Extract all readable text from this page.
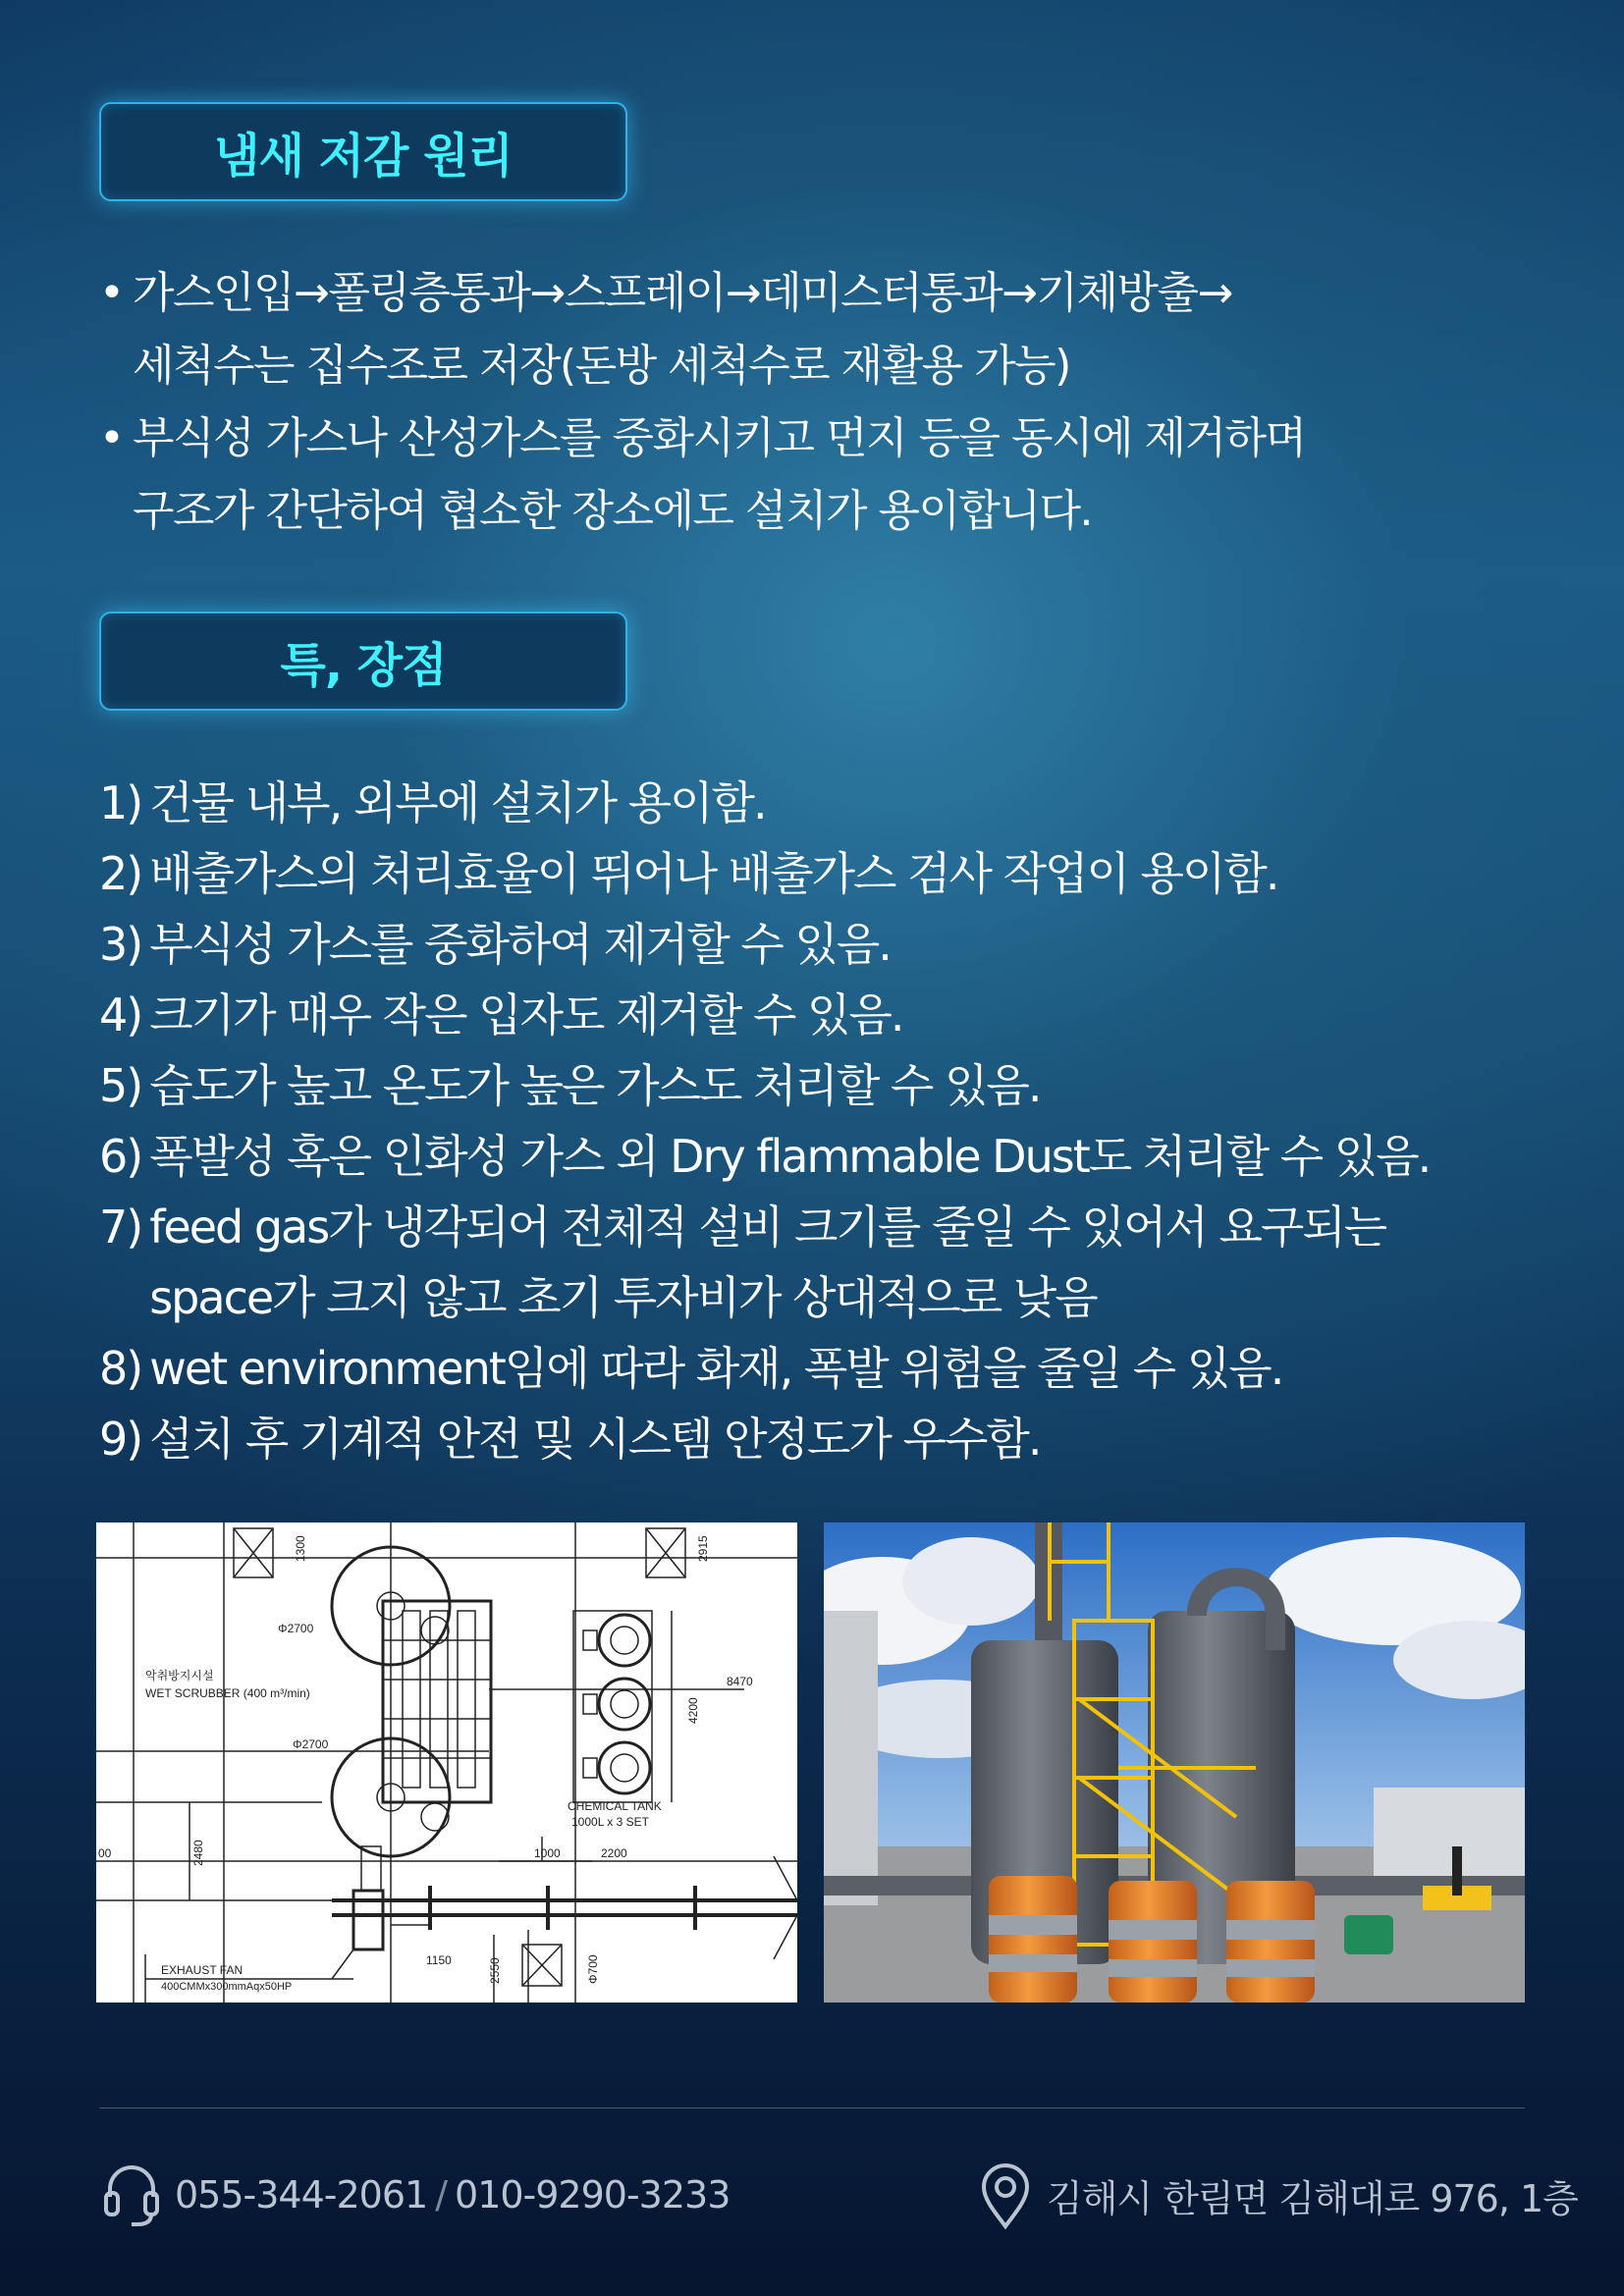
냄새 저감 원리
• 가스인입→폴링층통과→스프레이→데미스터통과→기체방출→
세척수는 집수조로 저장(돈방 세척수로 재활용 가능)
• 부식성 가스나 산성가스를 중화시키고 먼지 등을 동시에 제거하며
구조가 간단하여 협소한 장소에도 설치가 용이합니다.
특, 장점
1) 건물 내부, 외부에 설치가 용이함.
2) 배출가스의 처리효율이 뛰어나 배출가스 검사 작업이 용이함.
3) 부식성 가스를 중화하여 제거할 수 있음.
4) 크기가 매우 작은 입자도 제거할 수 있음.
5) 습도가 높고 온도가 높은 가스도 처리할 수 있음.
6) 폭발성 혹은 인화성 가스 외 Dry flammable Dust도 처리할 수 있음.
7) feed gas가 냉각되어 전체적 설비 크기를 줄일 수 있어서 요구되는
space가 크지 않고 초기 투자비가 상대적으로 낮음
8) wet environment임에 따라 화재, 폭발 위험을 줄일 수 있음.
9) 설치 후 기계적 안전 및 시스템 안정도가 우수함.
1300	2915
Φ2700
악취방지시설
WET SCRUBBER (400 m³/min)
Φ2700
4200
8470
CHEMICAL TANK
1000L x 3 SET
2480
00	1000	2200
1150	2550	Φ700
EXHAUST FAN
400CMMx300mmAqx50HP
055-344-2061 / 010-9290-3233	김해시 한림면 김해대로 976, 1층
